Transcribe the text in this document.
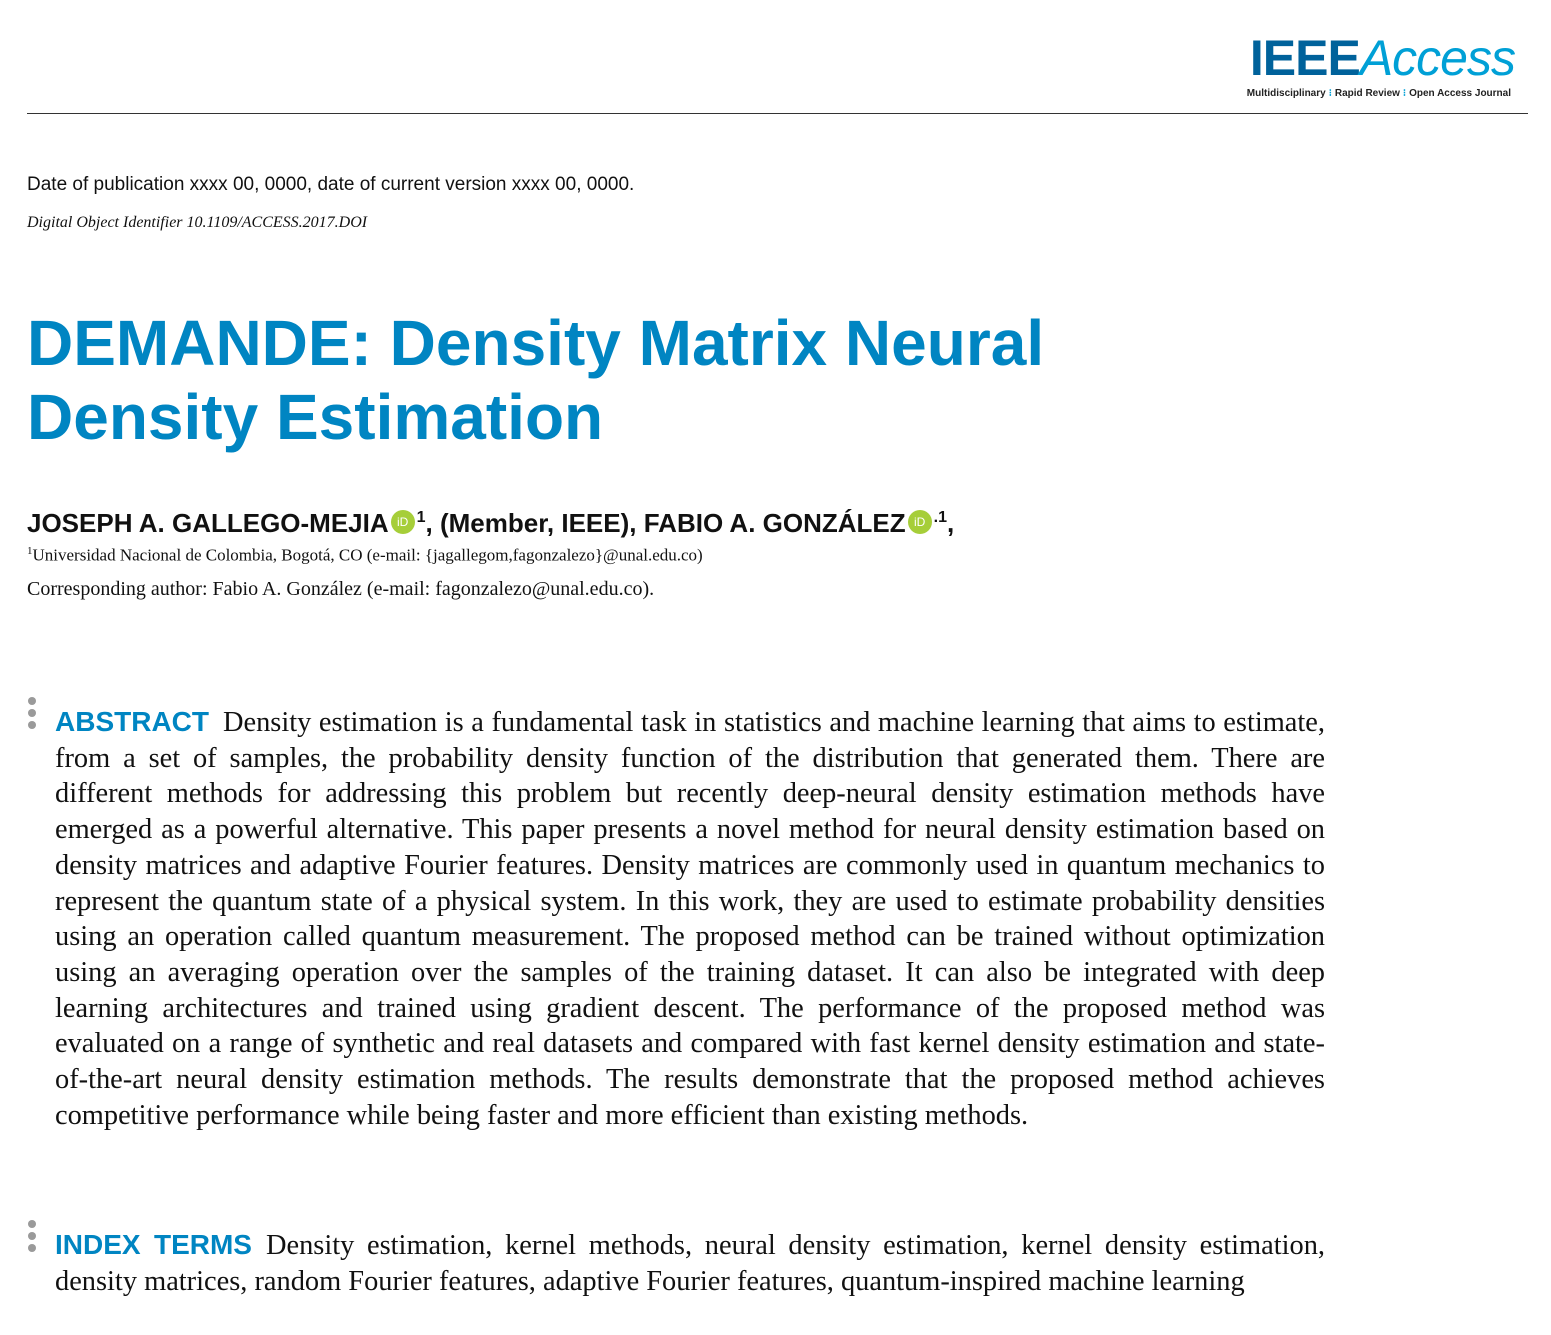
IEEEAccess
Multidisciplinary ⁝ Rapid Review ⁝ Open Access Journal
Date of publication xxxx 00, 0000, date of current version xxxx 00, 0000.
Digital Object Identifier 10.1109/ACCESS.2017.DOI
DEMANDE: Density Matrix Neural Density Estimation
JOSEPH A. GALLEGO-MEJIA iD $^1$, (Member, IEEE), FABIO A. GONZÁLEZ iD $^{.1}$,
$^1$Universidad Nacional de Colombia, Bogotá, CO (e-mail: {jagallegom,fagonzalezo}@unal.edu.co)
Corresponding author: Fabio A. González (e-mail: fagonzalezo@unal.edu.co).

ABSTRACT Density estimation is a fundamental task in statistics and machine learning that aims to estimate, from a set of samples, the probability density function of the distribution that generated them. There are different methods for addressing this problem but recently deep-neural density estimation methods have emerged as a powerful alternative. This paper presents a novel method for neural density estimation based on density matrices and adaptive Fourier features. Density matrices are commonly used in quantum mechanics to represent the quantum state of a physical system. In this work, they are used to estimate probability densities using an operation called quantum measurement. The proposed method can be trained without optimization using an averaging operation over the samples of the training dataset. It can also be integrated with deep learning architectures and trained using gradient descent. The performance of the proposed method was evaluated on a range of synthetic and real datasets and compared with fast kernel density estimation and state-of-the-art neural density estimation methods. The results demonstrate that the proposed method achieves competitive performance while being faster and more efficient than existing methods.

INDEX TERMS Density estimation, kernel methods, neural density estimation, kernel density estimation, density matrices, random Fourier features, adaptive Fourier features, quantum-inspired machine learning
